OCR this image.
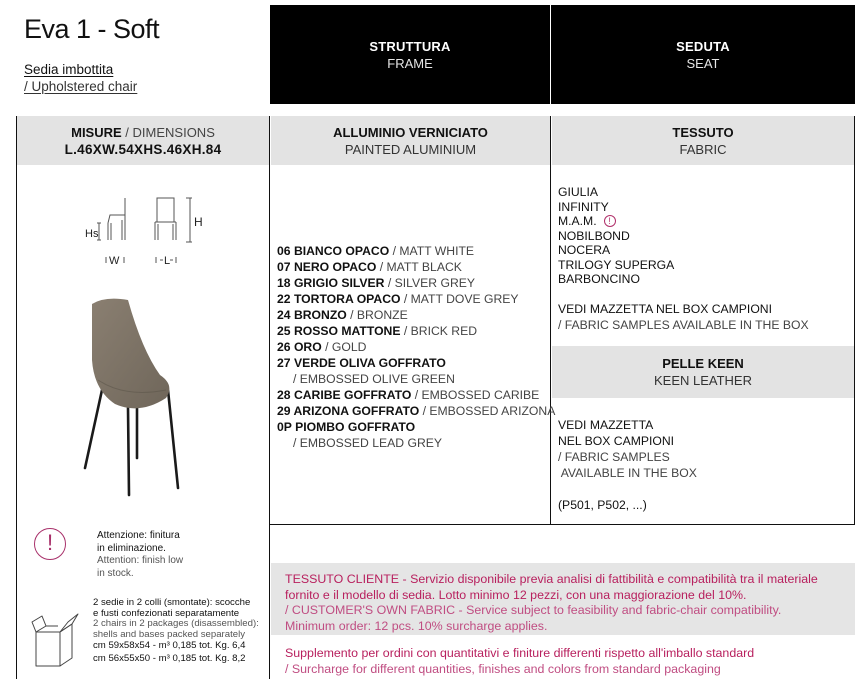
Eva 1 - Soft
Sedia imbottita
/ Upholstered chair
STRUTTURA
FRAME
SEDUTA
SEAT
MISURE / DIMENSIONS
L.46XW.54XHS.46XH.84
ALLUMINIO VERNICIATO
PAINTED ALUMINIUM
TESSUTO
FABRIC
PELLE KEEN
KEEN LEATHER
Hs
H
W	L
06 BIANCO OPACO / MATT WHITE
07 NERO OPACO / MATT BLACK
18 GRIGIO SILVER / SILVER GREY
22 TORTORA OPACO / MATT DOVE GREY
24 BRONZO / BRONZE
25 ROSSO MATTONE / BRICK RED
26 ORO / GOLD
27 VERDE OLIVA GOFFRATO
/ EMBOSSED OLIVE GREEN
28 CARIBE GOFFRATO / EMBOSSED CARIBE
29 ARIZONA GOFFRATO / EMBOSSED ARIZONA
0P PIOMBO GOFFRATO
/ EMBOSSED LEAD GREY
GIULIA
INFINITY
M.A.M.	!
NOBILBOND
NOCERA
TRILOGY SUPERGA
BARBONCINO
VEDI MAZZETTA NEL BOX CAMPIONI
/ FABRIC SAMPLES AVAILABLE IN THE BOX
VEDI MAZZETTA
NEL BOX CAMPIONI
/ FABRIC SAMPLES
AVAILABLE IN THE BOX
(P501, P502, ...)
!	Attenzione: finitura
in eliminazione.
Attention: finish low
in stock.
2 sedie in 2 colli (smontate): scocche
e fusti confezionati separatamente
2 chairs in 2 packages (disassembled):
shells and bases packed separately
cm 59x58x54 - m³ 0,185 tot. Kg. 6,4
cm 56x55x50 - m³ 0,185 tot. Kg. 8,2
TESSUTO CLIENTE - Servizio disponibile previa analisi di fattibilità e compatibilità tra il materiale
fornito e il modello di sedia. Lotto minimo 12 pezzi, con una maggiorazione del 10%.
/ CUSTOMER'S OWN FABRIC - Service subject to feasibility and fabric-chair compatibility.
Minimum order: 12 pcs. 10% surcharge applies.
Supplemento per ordini con quantitativi e finiture differenti rispetto all'imballo standard
/ Surcharge for different quantities, finishes and colors from standard packaging
